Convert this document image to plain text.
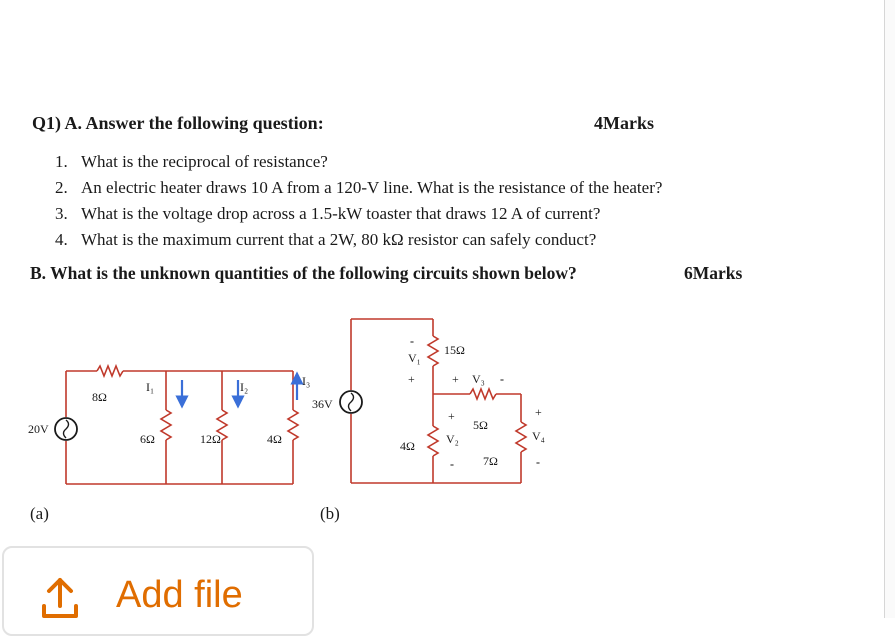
Q1) A. Answer the following question:	4Marks
1. What is the reciprocal of resistance?
2. An electric heater draws 10 A from a 120-V line. What is the resistance of the heater?
3. What is the voltage drop across a 1.5-kW toaster that draws 12 A of current?
4. What is the maximum current that a 2W, 80 kΩ resistor can safely conduct?
B. What is the unknown quantities of the following circuits shown below?	6Marks
20V
8Ω
I₁
6Ω
I₂
12Ω
I₃
4Ω
36V
15Ω
V₁
-
+	+ V₃ -
+
5Ω
V₂
4Ω
- 7Ω
+
V₄
-
(a)	(b)
Add file
